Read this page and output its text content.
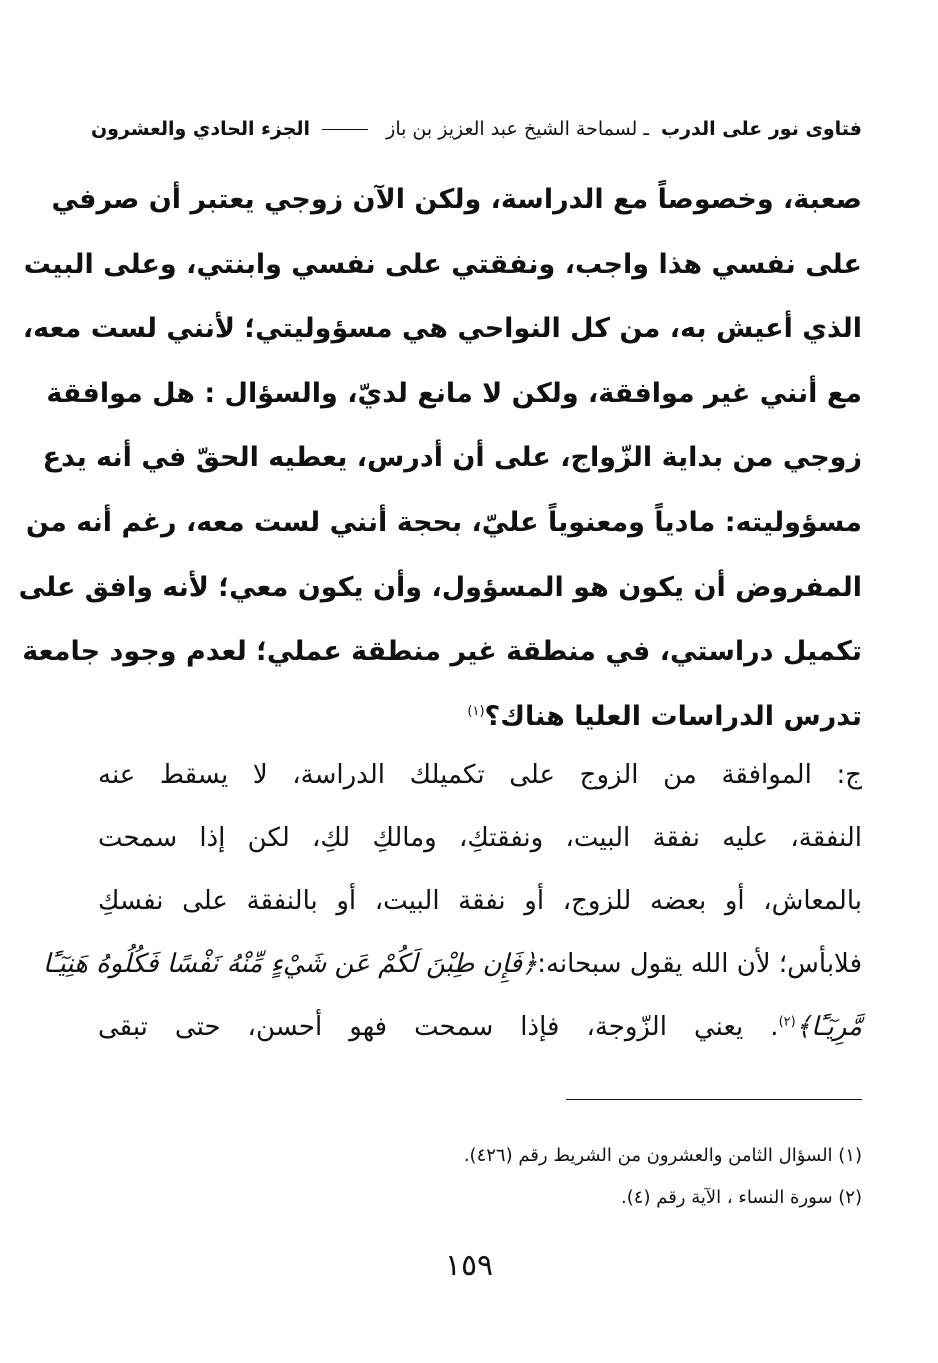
فتاوى نور على الدرب ـ لسماحة الشيخ عبد العزيز بن باز  الجزء الحادي والعشرون
صعبة، وخصوصاً مع الدراسة، ولكن الآن زوجي يعتبر أن صرفي
على نفسي هذا واجب، ونفقتي على نفسي وابنتي، وعلى البيت
الذي أعيش به، من كل النواحي هي مسؤوليتي؛ لأنني لست معه،
مع أنني غير موافقة، ولكن لا مانع لديّ، والسؤال : هل موافقة
زوجي من بداية الزّواج، على أن أدرس، يعطيه الحقّ في أنه يدع
مسؤوليته: مادياً ومعنوياً عليّ، بحجة أنني لست معه، رغم أنه من
المفروض أن يكون هو المسؤول، وأن يكون معي؛ لأنه وافق على
تكميل دراستي، في منطقة غير منطقة عملي؛ لعدم وجود جامعة
تدرس الدراسات العليا هناك؟$^{(١)}$
ج: الموافقة من الزوج على تكميلك الدراسة، لا يسقط عنه
النفقة، عليه نفقة البيت، ونفقتكِ، ومالكِ لكِ، لكن إذا سمحت
بالمعاش، أو بعضه للزوج، أو نفقة البيت، أو بالنفقة على نفسكِ
فلابأس؛ لأن الله يقول سبحانه:﴿فَإِن طِبْنَ لَكُمْ عَن شَيْءٍ مِّنْهُ نَفْسًا فَكُلُوهُ هَنِيٓـًٔا
مَّرِيٓـًٔا﴾$^{(٢)}$. يعني الزّوجة، فإذا سمحت فهو أحسن، حتى تبقى
(١) السؤال الثامن والعشرون من الشريط رقم (٤٢٦).
(٢) سورة النساء ، الآية رقم (٤).
١٥٩
